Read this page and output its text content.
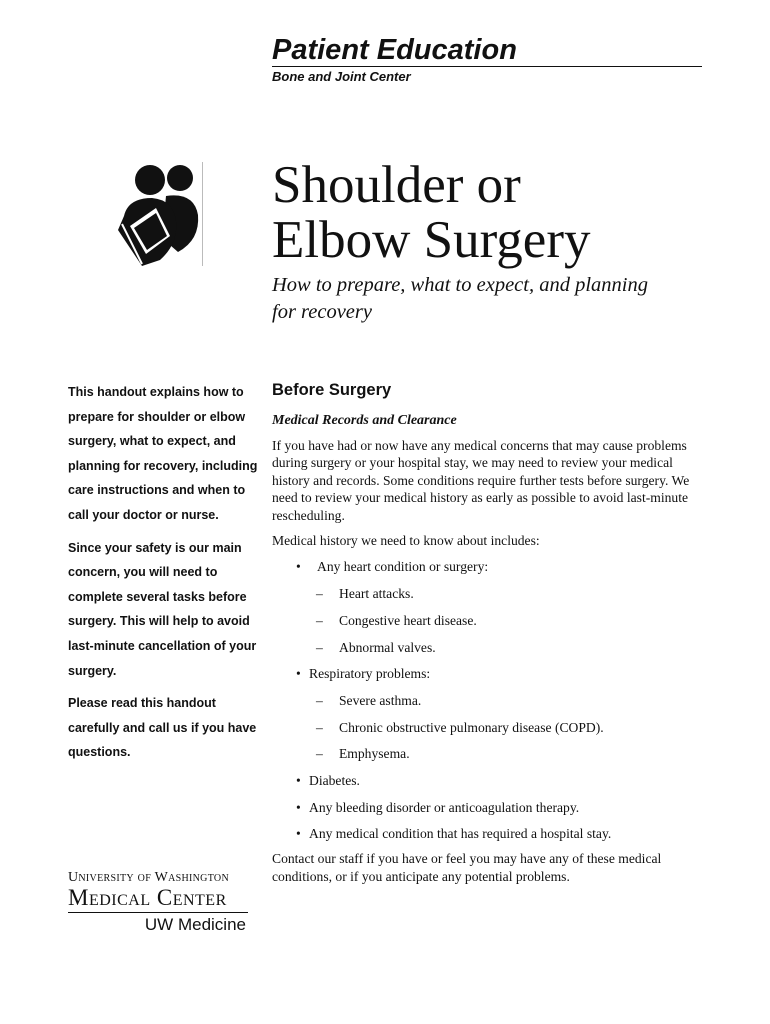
Patient Education
Bone and Joint Center
Shoulder or
Elbow Surgery
How to prepare, what to expect, and planning
for recovery

This handout explains how to prepare for shoulder or elbow surgery, what to expect, and planning for recovery, including care instructions and when to call your doctor or nurse.

Since your safety is our main concern, you will need to complete several tasks before surgery. This will help to avoid last-minute cancellation of your surgery.

Please read this handout carefully and call us if you have questions.

Before Surgery
Medical Records and Clearance

If you have had or now have any medical concerns that may cause problems during surgery or your hospital stay, we may need to review your medical history and records. Some conditions require further tests before surgery. We need to review your medical history as early as possible to avoid last-minute rescheduling.

Medical history we need to know about includes:

• Any heart condition or surgery:
– Heart attacks.
– Congestive heart disease.
– Abnormal valves.
• Respiratory problems:
– Severe asthma.
– Chronic obstructive pulmonary disease (COPD).
– Emphysema.
• Diabetes.
• Any bleeding disorder or anticoagulation therapy.
• Any medical condition that has required a hospital stay.

Contact our staff if you have or feel you may have any of these medical conditions, or if you anticipate any potential problems.

University of Washington
Medical Center
UW Medicine
